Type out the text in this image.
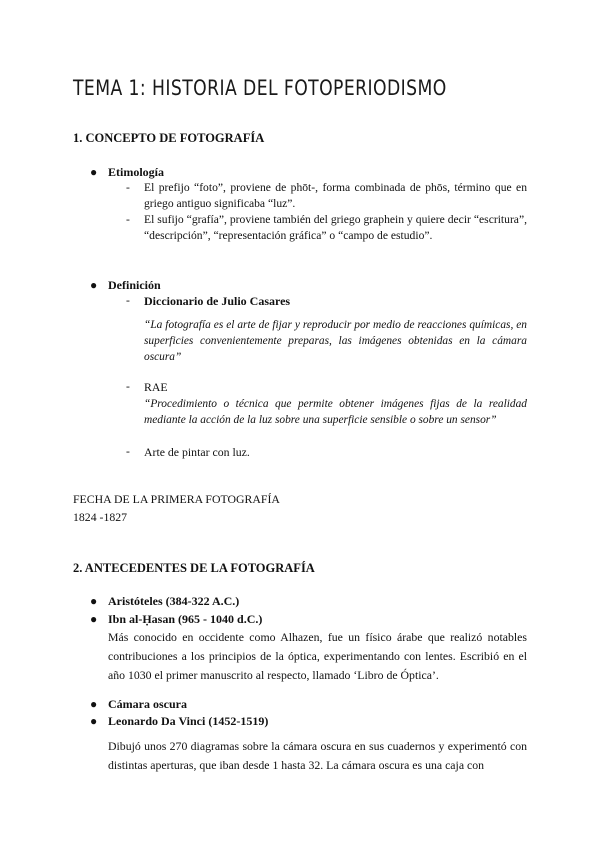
TEMA 1: HISTORIA DEL FOTOPERIODISMO
1. CONCEPTO DE FOTOGRAFÍA
● Etimología
- El prefijo “foto”, proviene de phōt-, forma combinada de phōs, término que en griego antiguo significaba “luz”.
- El sufijo “grafía”, proviene también del griego graphein y quiere decir “escritura”, “descripción”, “representación gráfica” o “campo de estudio”.
● Definición
- Diccionario de Julio Casares
“La fotografía es el arte de fijar y reproducir por medio de reacciones químicas, en superficies convenientemente preparas, las imágenes obtenidas en la cámara oscura”
- RAE
“Procedimiento o técnica que permite obtener imágenes fijas de la realidad mediante la acción de la luz sobre una superficie sensible o sobre un sensor”
- Arte de pintar con luz.
FECHA DE LA PRIMERA FOTOGRAFÍA
1824 -1827
2. ANTECEDENTES DE LA FOTOGRAFÍA
● Aristóteles (384-322 A.C.)
● Ibn al-Ḥasan (965 - 1040 d.C.)
Más conocido en occidente como Alhazen, fue un físico árabe que realizó notables contribuciones a los principios de la óptica, experimentando con lentes. Escribió en el año 1030 el primer manuscrito al respecto, llamado ‘Libro de Óptica’.
● Cámara oscura
● Leonardo Da Vinci (1452-1519)
Dibujó unos 270 diagramas sobre la cámara oscura en sus cuadernos y experimentó con distintas aperturas, que iban desde 1 hasta 32. La cámara oscura es una caja con
